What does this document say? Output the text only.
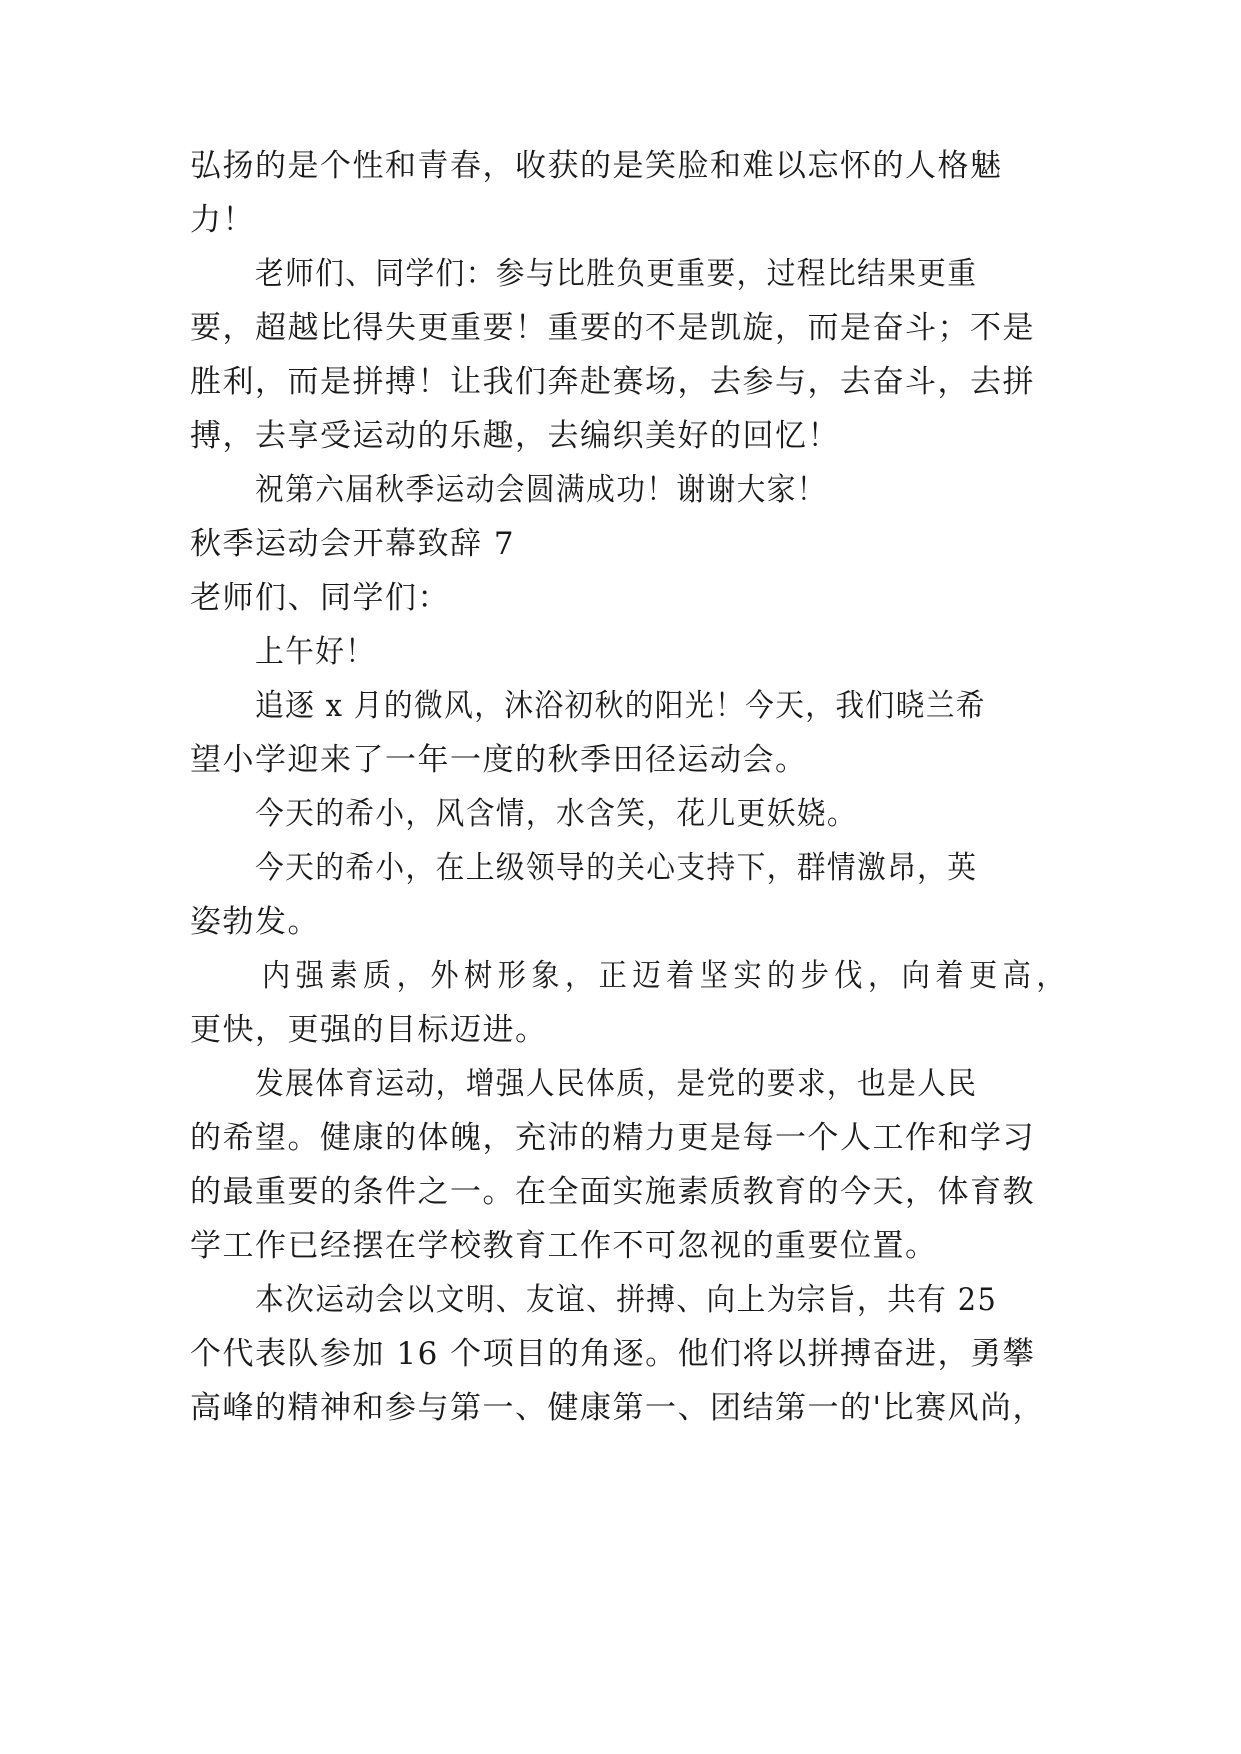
弘扬的是个性和青春，收获的是笑脸和难以忘怀的人格魅
力！
老师们、同学们：参与比胜负更重要，过程比结果更重
要，超越比得失更重要！重要的不是凯旋，而是奋斗；不是
胜利，而是拼搏！让我们奔赴赛场，去参与，去奋斗，去拼
搏，去享受运动的乐趣，去编织美好的回忆！
祝第六届秋季运动会圆满成功！谢谢大家！
秋季运动会开幕致辞 7
老师们、同学们：
上午好！
追逐 x 月的微风，沐浴初秋的阳光！今天，我们晓兰希
望小学迎来了一年一度的秋季田径运动会。
今天的希小，风含情，水含笑，花儿更妖娆。
今天的希小，在上级领导的关心支持下，群情激昂，英
姿勃发。
内强素质，外树形象，正迈着坚实的步伐，向着更高，
更快，更强的目标迈进。
发展体育运动，增强人民体质，是党的要求，也是人民
的希望。健康的体魄，充沛的精力更是每一个人工作和学习
的最重要的条件之一。在全面实施素质教育的今天，体育教
学工作已经摆在学校教育工作不可忽视的重要位置。
本次运动会以文明、友谊、拼搏、向上为宗旨，共有 25
个代表队参加 16 个项目的角逐。他们将以拼搏奋进，勇攀
高峰的精神和参与第一、健康第一、团结第一的'比赛风尚，
